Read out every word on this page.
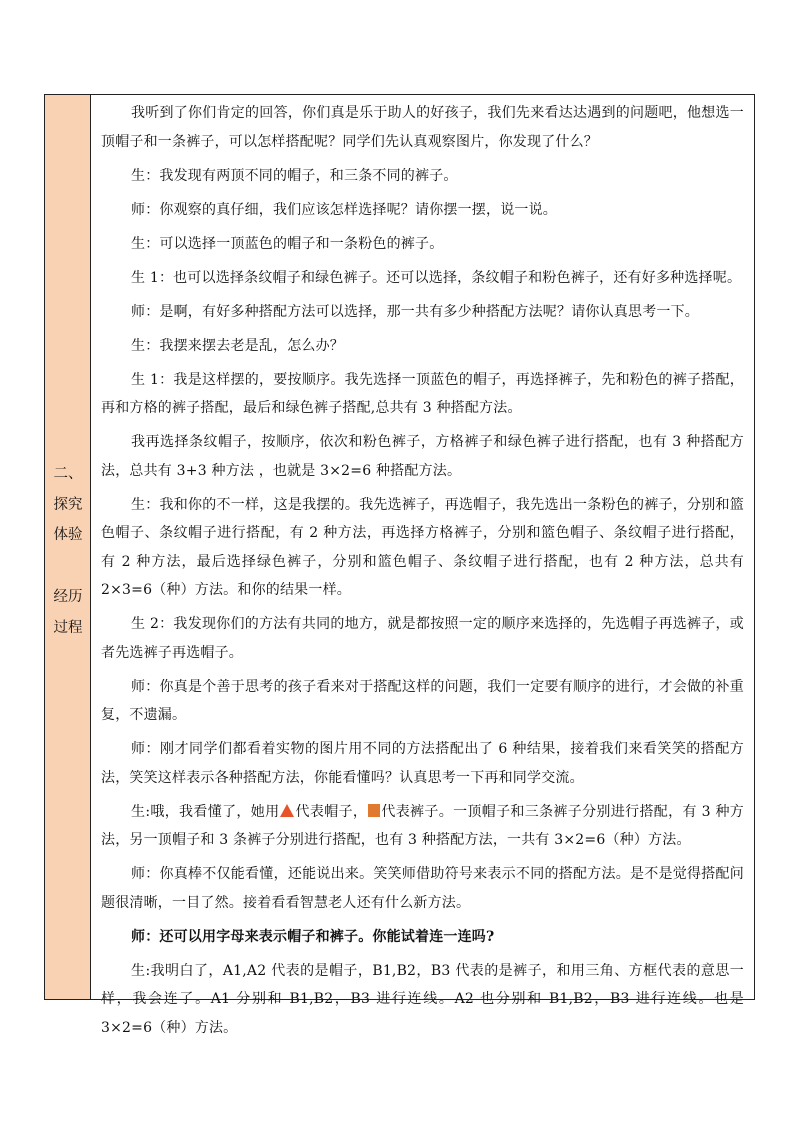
二、
探究
体验
经历
过程

我听到了你们肯定的回答，你们真是乐于助人的好孩子，我们先来看达达遇到的问题吧，他想选一顶帽子和一条裤子，可以怎样搭配呢？同学们先认真观察图片，你发现了什么？

生：我发现有两顶不同的帽子，和三条不同的裤子。

师：你观察的真仔细，我们应该怎样选择呢？请你摆一摆，说一说。

生：可以选择一顶蓝色的帽子和一条粉色的裤子。

生 1：也可以选择条纹帽子和绿色裤子。还可以选择，条纹帽子和粉色裤子，还有好多种选择呢。

师：是啊，有好多种搭配方法可以选择，那一共有多少种搭配方法呢？请你认真思考一下。

生：我摆来摆去老是乱，怎么办？

生 1：我是这样摆的，要按顺序。我先选择一顶蓝色的帽子，再选择裤子，先和粉色的裤子搭配，再和方格的裤子搭配，最后和绿色裤子搭配,总共有 3 种搭配方法。

我再选择条纹帽子，按顺序，依次和粉色裤子，方格裤子和绿色裤子进行搭配，也有 3 种搭配方法，总共有 3+3 种方法 ，也就是 3×2=6 种搭配方法。

生：我和你的不一样，这是我摆的。我先选裤子，再选帽子，我先选出一条粉色的裤子，分别和篮色帽子、条纹帽子进行搭配，有 2 种方法，再选择方格裤子，分别和篮色帽子、条纹帽子进行搭配，有 2 种方法，最后选择绿色裤子，分别和篮色帽子、条纹帽子进行搭配，也有 2 种方法，总共有 2×3=6（种）方法。和你的结果一样。

生 2：我发现你们的方法有共同的地方，就是都按照一定的顺序来选择的，先选帽子再选裤子，或者先选裤子再选帽子。

师：你真是个善于思考的孩子看来对于搭配这样的问题，我们一定要有顺序的进行，才会做的补重复，不遗漏。

师：刚才同学们都看着实物的图片用不同的方法搭配出了 6 种结果，接着我们来看笑笑的搭配方法，笑笑这样表示各种搭配方法，你能看懂吗？认真思考一下再和同学交流。

生:哦，我看懂了，她用 代表帽子， 代表裤子。一顶帽子和三条裤子分别进行搭配，有 3 种方法，另一顶帽子和 3 条裤子分别进行搭配，也有 3 种搭配方法，一共有 3×2=6（种）方法。

师：你真棒不仅能看懂，还能说出来。笑笑师借助符号来表示不同的搭配方法。是不是觉得搭配问题很清晰，一目了然。接着看看智慧老人还有什么新方法。

师：还可以用字母来表示帽子和裤子。你能试着连一连吗?

生:我明白了，A1,A2 代表的是帽子，B1,B2，B3 代表的是裤子，和用三角、方框代表的意思一样，我会连了。A1 分别和 B1,B2，B3 进行连线。A2 也分别和 B1,B2，B3 进行连线。也是 3×2=6（种）方法。
